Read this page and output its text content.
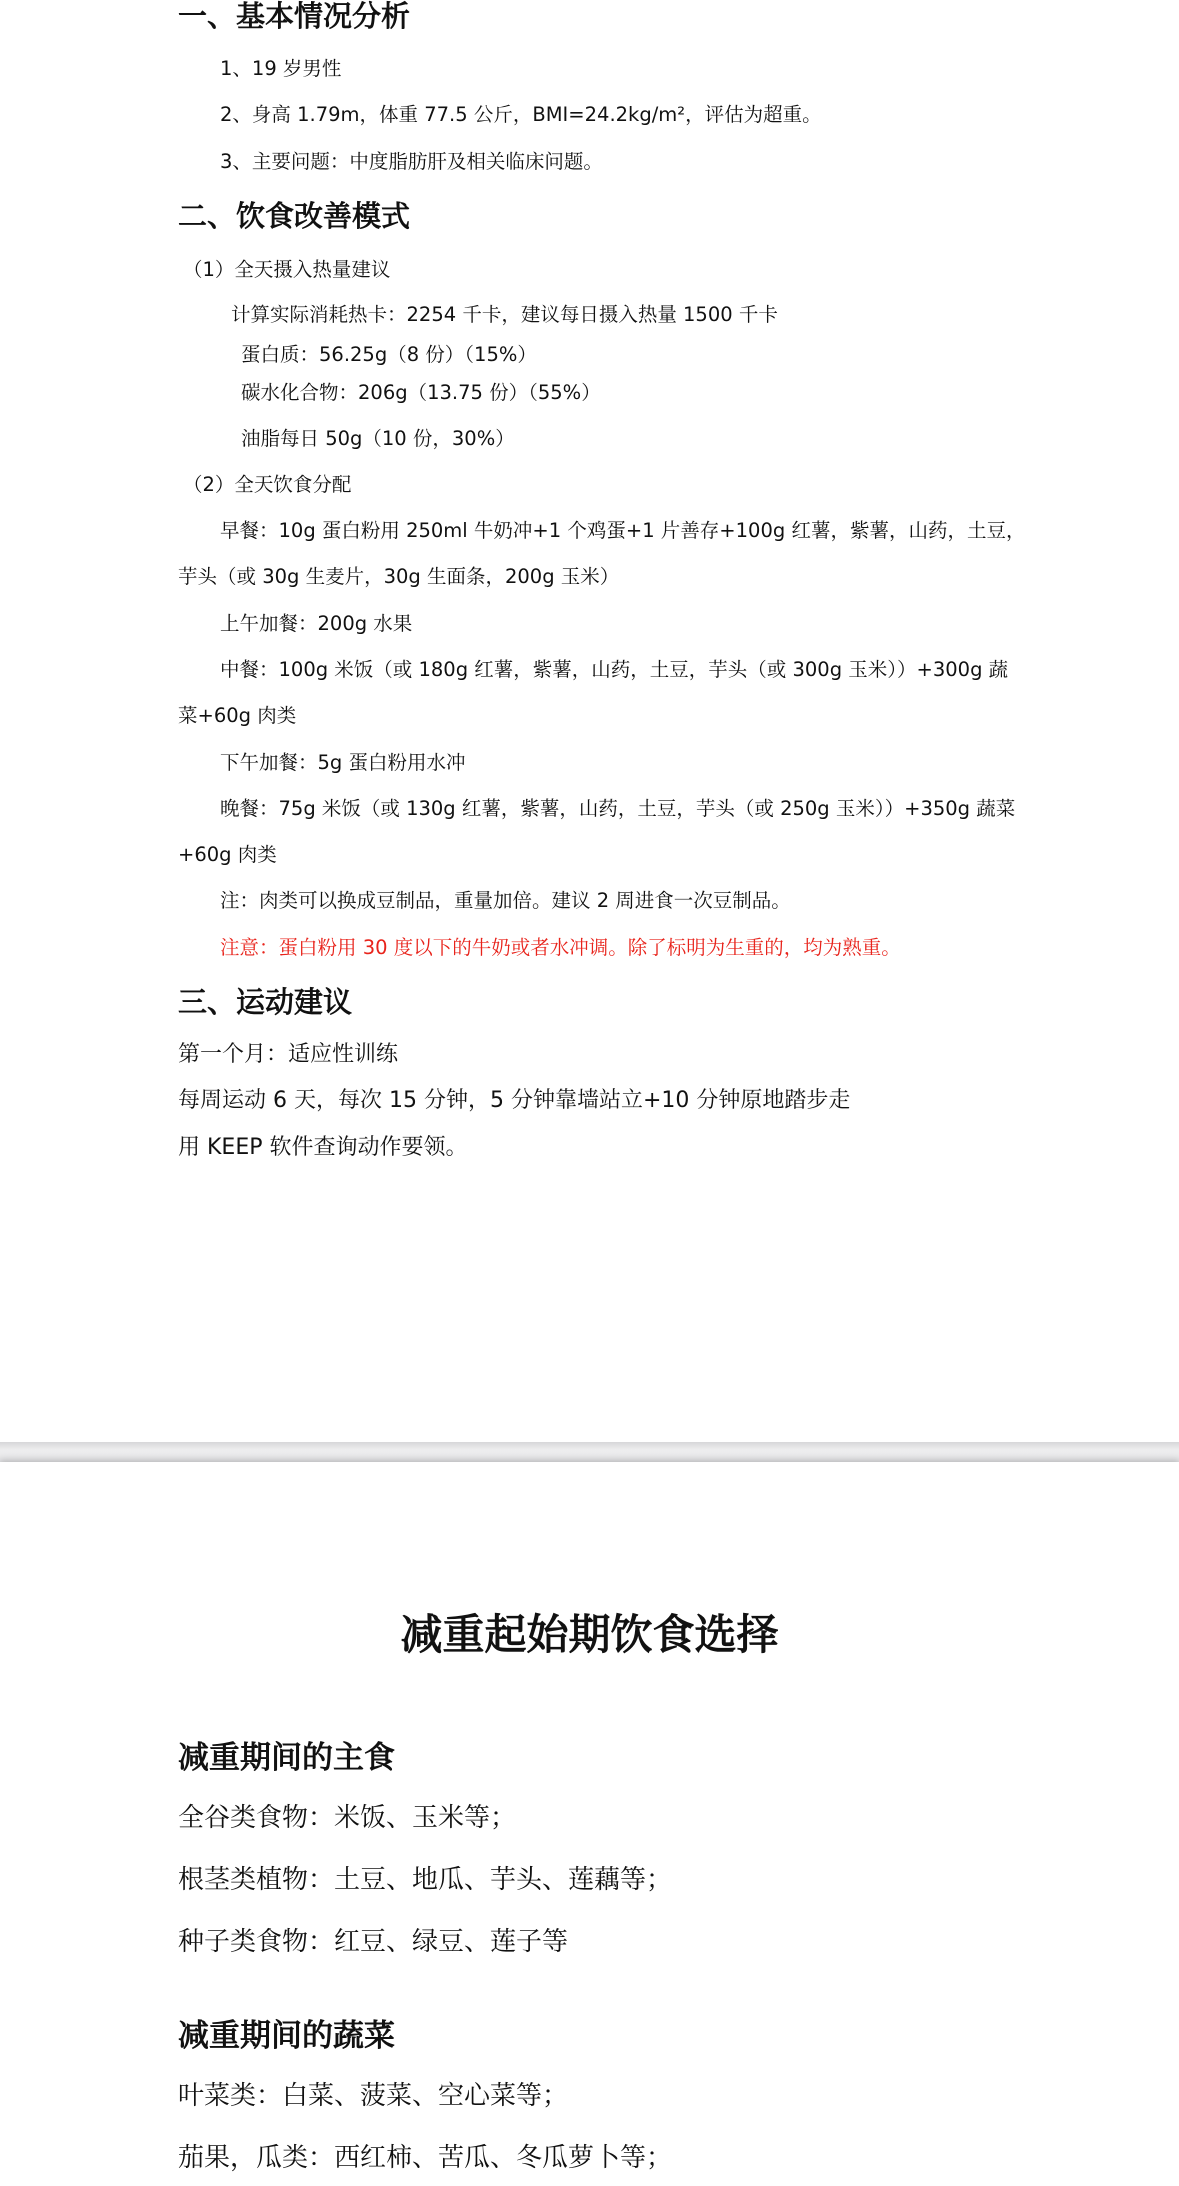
一、基本情况分析
1、19 岁男性
2、身高 1.79m，体重 77.5 公斤，BMI=24.2kg/m²，评估为超重。
3、主要问题：中度脂肪肝及相关临床问题。
二、饮食改善模式
（1）全天摄入热量建议
计算实际消耗热卡：2254 千卡，建议每日摄入热量 1500 千卡
蛋白质：56.25g（8 份）（15%）
碳水化合物：206g（13.75 份）（55%）
油脂每日 50g（10 份，30%）
（2）全天饮食分配
早餐：10g 蛋白粉用 250ml 牛奶冲+1 个鸡蛋+1 片善存+100g 红薯，紫薯，山药，土豆，
芋头（或 30g 生麦片，30g 生面条，200g 玉米）
上午加餐：200g 水果
中餐：100g 米饭（或 180g 红薯，紫薯，山药，土豆，芋头（或 300g 玉米））+300g 蔬
菜+60g 肉类
下午加餐：5g 蛋白粉用水冲
晚餐：75g 米饭（或 130g 红薯，紫薯，山药，土豆，芋头（或 250g 玉米））+350g 蔬菜
+60g 肉类
注：肉类可以换成豆制品，重量加倍。建议 2 周进食一次豆制品。
注意：蛋白粉用 30 度以下的牛奶或者水冲调。除了标明为生重的，均为熟重。
三、运动建议
第一个月：适应性训练
每周运动 6 天，每次 15 分钟，5 分钟靠墙站立+10 分钟原地踏步走
用 KEEP 软件查询动作要领。
减重起始期饮食选择
减重期间的主食
全谷类食物：米饭、玉米等；
根茎类植物：土豆、地瓜、芋头、莲藕等；
种子类食物：红豆、绿豆、莲子等
减重期间的蔬菜
叶菜类：白菜、菠菜、空心菜等；
茄果，瓜类：西红柿、苦瓜、冬瓜萝卜等；
